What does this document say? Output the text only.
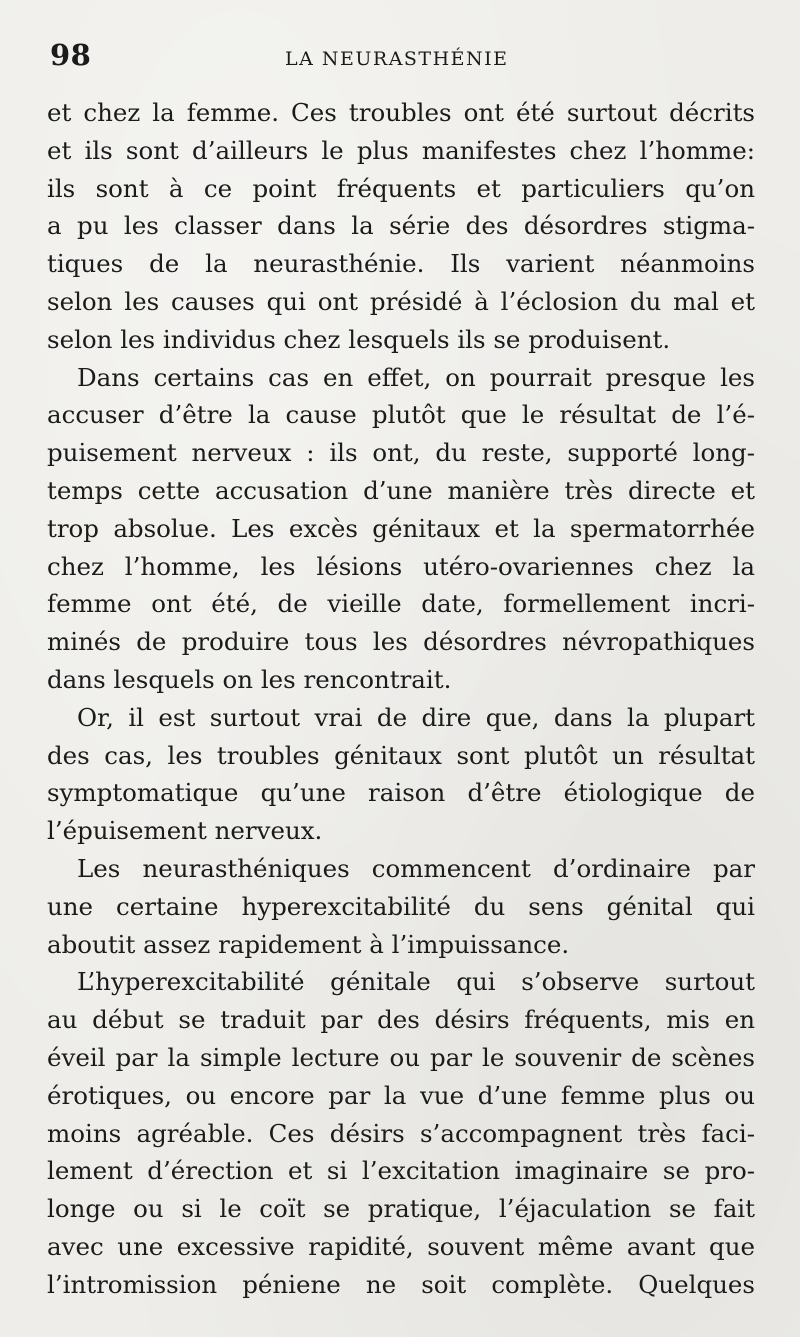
98	LA NEURASTHÉNIE
et chez la femme. Ces troubles ont été surtout décrits
et ils sont d’ailleurs le plus manifestes chez l’homme:
ils sont à ce point fréquents et particuliers qu’on
a pu les classer dans la série des désordres stigma-
tiques de la neurasthénie. Ils varient néanmoins
selon les causes qui ont présidé à l’éclosion du mal et
selon les individus chez lesquels ils se produisent.
Dans certains cas en effet, on pourrait presque les
accuser d’être la cause plutôt que le résultat de l’é-
puisement nerveux : ils ont, du reste, supporté long-
temps cette accusation d’une manière très directe et
trop absolue. Les excès génitaux et la spermatorrhée
chez l’homme, les lésions utéro-ovariennes chez la
femme ont été, de vieille date, formellement incri-
minés de produire tous les désordres névropathiques
dans lesquels on les rencontrait.
Or, il est surtout vrai de dire que, dans la plupart
des cas, les troubles génitaux sont plutôt un résultat
symptomatique qu’une raison d’être étiologique de
l’épuisement nerveux.
Les neurasthéniques commencent d’ordinaire par
une certaine hyperexcitabilité du sens génital qui
aboutit assez rapidement à l’impuissance.
L’hyperexcitabilité génitale qui s’observe surtout
au début se traduit par des désirs fréquents, mis en
éveil par la simple lecture ou par le souvenir de scènes
érotiques, ou encore par la vue d’une femme plus ou
moins agréable. Ces désirs s’accompagnent très faci-
lement d’érection et si l’excitation imaginaire se pro-
longe ou si le coït se pratique, l’éjaculation se fait
avec une excessive rapidité, souvent même avant que
l’intromission péniene ne soit complète. Quelques
